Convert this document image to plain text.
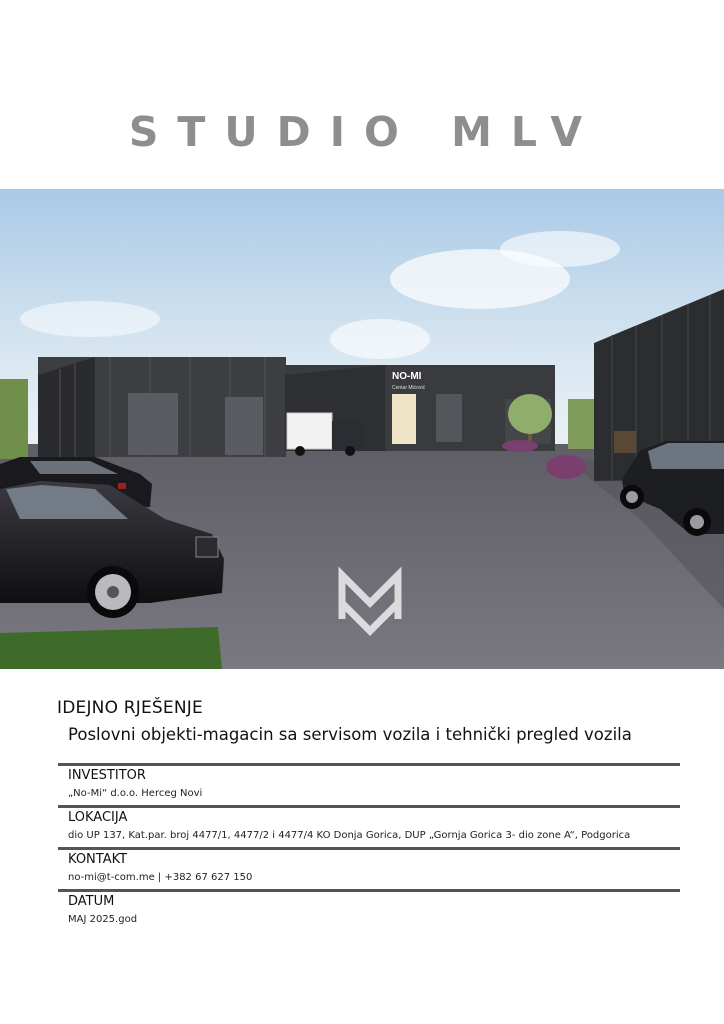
STUDIO MLV
NO-MI
Centar Mićović
IDEJNO RJEŠENJE
Poslovni objekti-magacin sa servisom vozila i tehnički pregled vozila
INVESTITOR
„No-Mi“ d.o.o. Herceg Novi
LOKACIJA
dio UP 137, Kat.par. broj 4477/1, 4477/2 i 4477/4 KO Donja Gorica, DUP „Gornja Gorica 3- dio zone A“, Podgorica
KONTAKT
no-mi@t-com.me | +382 67 627 150
DATUM
MAJ 2025.god
